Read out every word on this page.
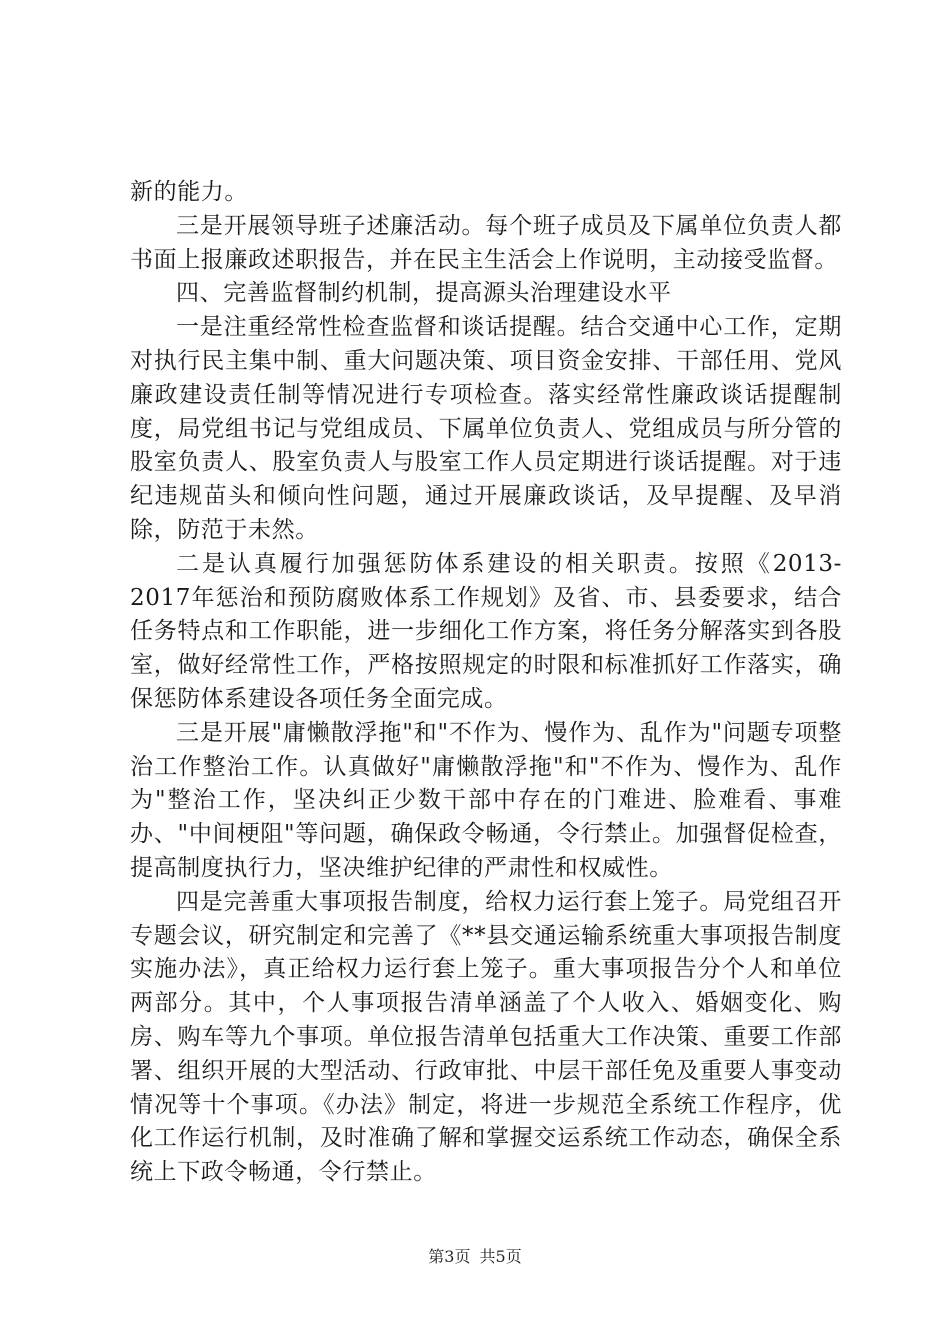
新的能力。

三是开展领导班子述廉活动。每个班子成员及下属单位负责人都书面上报廉政述职报告，并在民主生活会上作说明，主动接受监督。

四、完善监督制约机制，提高源头治理建设水平

一是注重经常性检查监督和谈话提醒。结合交通中心工作，定期对执行民主集中制、重大问题决策、项目资金安排、干部任用、党风廉政建设责任制等情况进行专项检查。落实经常性廉政谈话提醒制度，局党组书记与党组成员、下属单位负责人、党组成员与所分管的股室负责人、股室负责人与股室工作人员定期进行谈话提醒。对于违纪违规苗头和倾向性问题，通过开展廉政谈话，及早提醒、及早消除，防范于未然。

二是认真履行加强惩防体系建设的相关职责。按照《2013-2017年惩治和预防腐败体系工作规划》及省、市、县委要求，结合任务特点和工作职能，进一步细化工作方案，将任务分解落实到各股室，做好经常性工作，严格按照规定的时限和标准抓好工作落实，确保惩防体系建设各项任务全面完成。

三是开展"庸懒散浮拖"和"不作为、慢作为、乱作为"问题专项整治工作整治工作。认真做好"庸懒散浮拖"和"不作为、慢作为、乱作为"整治工作，坚决纠正少数干部中存在的门难进、脸难看、事难办、"中间梗阻"等问题，确保政令畅通，令行禁止。加强督促检查，提高制度执行力，坚决维护纪律的严肃性和权威性。

四是完善重大事项报告制度，给权力运行套上笼子。局党组召开专题会议，研究制定和完善了《**县交通运输系统重大事项报告制度实施办法》，真正给权力运行套上笼子。重大事项报告分个人和单位两部分。其中，个人事项报告清单涵盖了个人收入、婚姻变化、购房、购车等九个事项。单位报告清单包括重大工作决策、重要工作部署、组织开展的大型活动、行政审批、中层干部任免及重要人事变动情况等十个事项。《办法》制定，将进一步规范全系统工作程序，优化工作运行机制，及时准确了解和掌握交运系统工作动态，确保全系统上下政令畅通，令行禁止。

第3页 共5页
